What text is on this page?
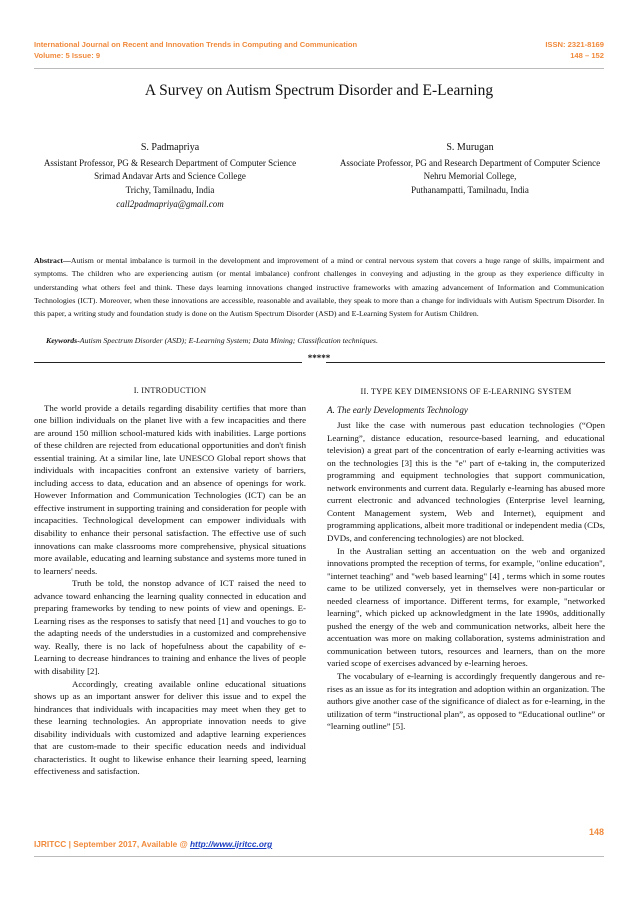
International Journal on Recent and Innovation Trends in Computing and Communication
Volume: 5 Issue: 9
ISSN: 2321-8169
148 – 152
A Survey on Autism Spectrum Disorder and E-Learning
S. Padmapriya
Assistant Professor, PG & Research Department of Computer Science
Srimad Andavar Arts and Science College
Trichy, Tamilnadu, India
call2padmapriya@gmail.com
S. Murugan
Associate Professor, PG and Research Department of Computer Science
Nehru Memorial College,
Puthanampatti, Tamilnadu, India
Abstract—Autism or mental imbalance is turmoil in the development and improvement of a mind or central nervous system that covers a huge range of skills, impairment and symptoms. The children who are experiencing autism (or mental imbalance) confront challenges in conveying and adjusting in the group as they experience difficulty in understanding what others feel and think. These days learning innovations changed instructive frameworks with amazing advancement of Information and Communication Technologies (ICT). Moreover, when these innovations are accessible, reasonable and available, they speak to more than a change for individuals with Autism Spectrum Disorder. In this paper, a writing study and foundation study is done on the Autism Spectrum Disorder (ASD) and E-Learning System for Autism Children.
Keywords-Autism Spectrum Disorder (ASD); E-Learning System; Data Mining; Classification techniques.
*****

I. INTRODUCTION

The world provide a details regarding disability certifies that more than one billion individuals on the planet live with a few incapacities and there are around 150 million school-matured kids with inabilities. Large portions of these children are rejected from educational opportunities and don't finish essential training. At a similar line, late UNESCO Global report shows that individuals with incapacities confront an extensive variety of barriers, including access to data, education and an absence of openings for work. However Information and Communication Technologies (ICT) can be an effective instrument in supporting training and consideration for people with incapacities. Technological development can empower individuals with disability to enhance their personal satisfaction. The effective use of such innovations can make classrooms more comprehensive, physical situations more available, educating and learning substance and systems more tuned in to learners' needs.

Truth be told, the nonstop advance of ICT raised the need to advance toward enhancing the learning quality connected in education and preparing frameworks by tending to new points of view and openings. E-Learning rises as the responses to satisfy that need [1] and vouches to go to the adapting needs of the understudies in a customized and comprehensive way. Really, there is no lack of hopefulness about the capability of e-Learning to decrease hindrances to training and enhance the lives of people with disability [2].

Accordingly, creating available online educational situations shows up as an important answer for deliver this issue and to expel the hindrances that individuals with incapacities may meet when they get to these learning technologies. An appropriate innovation needs to give disability individuals with customized and adaptive learning experiences that are custom-made to their specific education needs and individual characteristics. It ought to likewise enhance their learning speed, learning effectiveness and satisfaction.

II. TYPE KEY DIMENSIONS OF E-LEARNING SYSTEM

A. The early Developments Technology

Just like the case with numerous past education technologies (“Open Learning”, distance education, resource-based learning, and educational television) a great part of the concentration of early e-learning activities was on the technologies [3] this is the "e" part of e-taking in, the computerized programming and equipment technologies that support communication, network environments and current data. Regularly e-learning has abused more current electronic and advanced technologies (Enterprise level learning, Content Management system, Web and Internet), equipment and programming applications, albeit more traditional or independent media (CDs, DVDs, and conferencing technologies) are not blocked.

In the Australian setting an accentuation on the web and organized innovations prompted the reception of terms, for example, "online education", "internet teaching" and "web based learning" [4] , terms which in some routes came to be utilized conversely, yet in themselves were non-particular or needed clearness of importance. Different terms, for example, "networked learning", which picked up acknowledgment in the late 1990s, additionally pushed the energy of the web and communication networks, albeit here the accentuation was more on making collaboration, systems administration and communication between tutors, resources and learners, than on the more varied scope of exercises advanced by e-learning heroes.

The vocabulary of e-learning is accordingly frequently dangerous and re-rises as an issue as for its integration and adoption within an organization. The authors give another case of the significance of dialect as for e-learning, in the utilization of term “instructional plan”, as opposed to “Educational outline” or “learning outline” [5].

148
IJRITCC | September 2017, Available @ http://www.ijritcc.org
